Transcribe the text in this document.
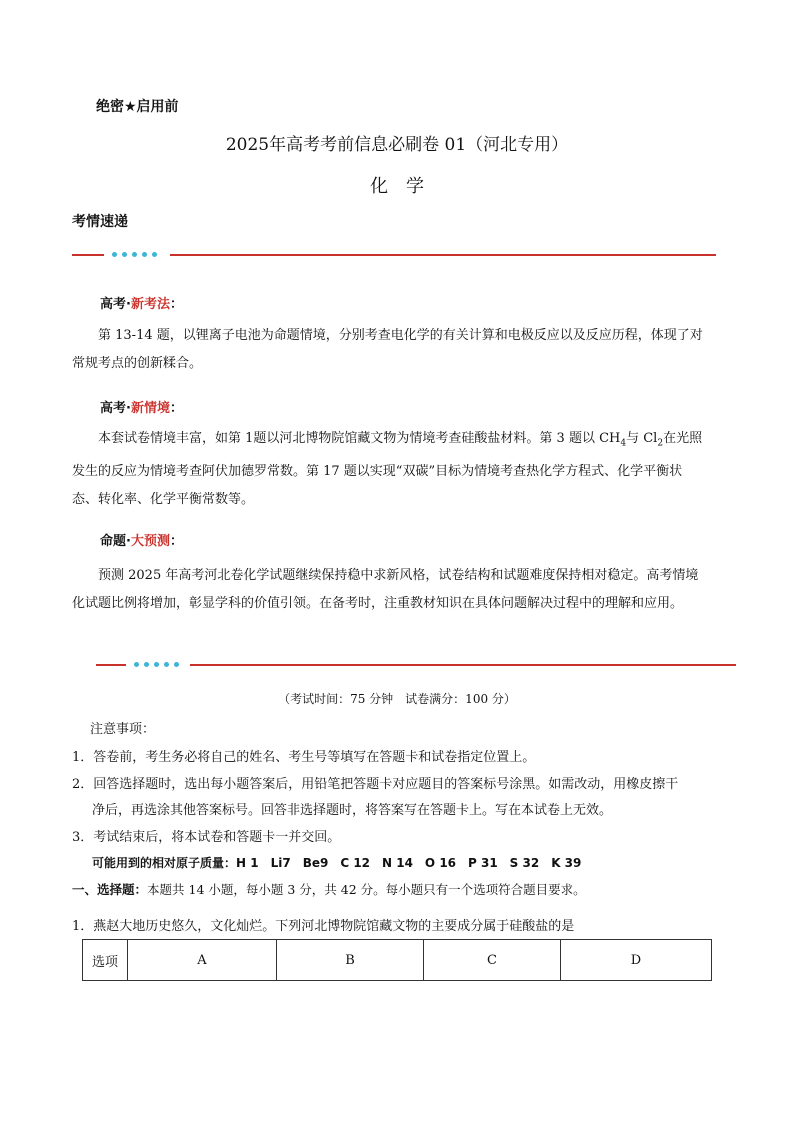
绝密★启用前
2025年高考考前信息必刷卷 01（河北专用）
化学
考情速递
高考·新考法：

第 13-14 题，以锂离子电池为命题情境，分别考查电化学的有关计算和电极反应以及反应历程，体现了对常规考点的创新糅合。

高考·新情境：

本套试卷情境丰富，如第 1题以河北博物院馆藏文物为情境考查硅酸盐材料。第 3 题以 $CH_4$与 $Cl_2$在光照发生的反应为情境考查阿伏加德罗常数。第 17 题以实现“双碳”目标为情境考查热化学方程式、化学平衡状态、转化率、化学平衡常数等。

命题·大预测：

预测 2025 年高考河北卷化学试题继续保持稳中求新风格，试卷结构和试题难度保持相对稳定。高考情境化试题比例将增加，彰显学科的价值引领。在备考时，注重教材知识在具体问题解决过程中的理解和应用。

（考试时间：75 分钟　试卷满分：100 分）
注意事项：
1．答卷前，考生务必将自己的姓名、考生号等填写在答题卡和试卷指定位置上。
2．回答选择题时，选出每小题答案后，用铅笔把答题卡对应题目的答案标号涂黑。如需改动，用橡皮擦干
净后，再选涂其他答案标号。回答非选择题时，将答案写在答题卡上。写在本试卷上无效。
3．考试结束后，将本试卷和答题卡一并交回。
可能用到的相对原子质量：H 1　Li7　Be9　C 12　N 14　O 16　P 31　S 32　K 39
一、选择题：本题共 14 小题，每小题 3 分，共 42 分。每小题只有一个选项符合题目要求。
1．燕赵大地历史悠久，文化灿烂。下列河北博物院馆藏文物的主要成分属于硅酸盐的是
选项	A	B	C	D
